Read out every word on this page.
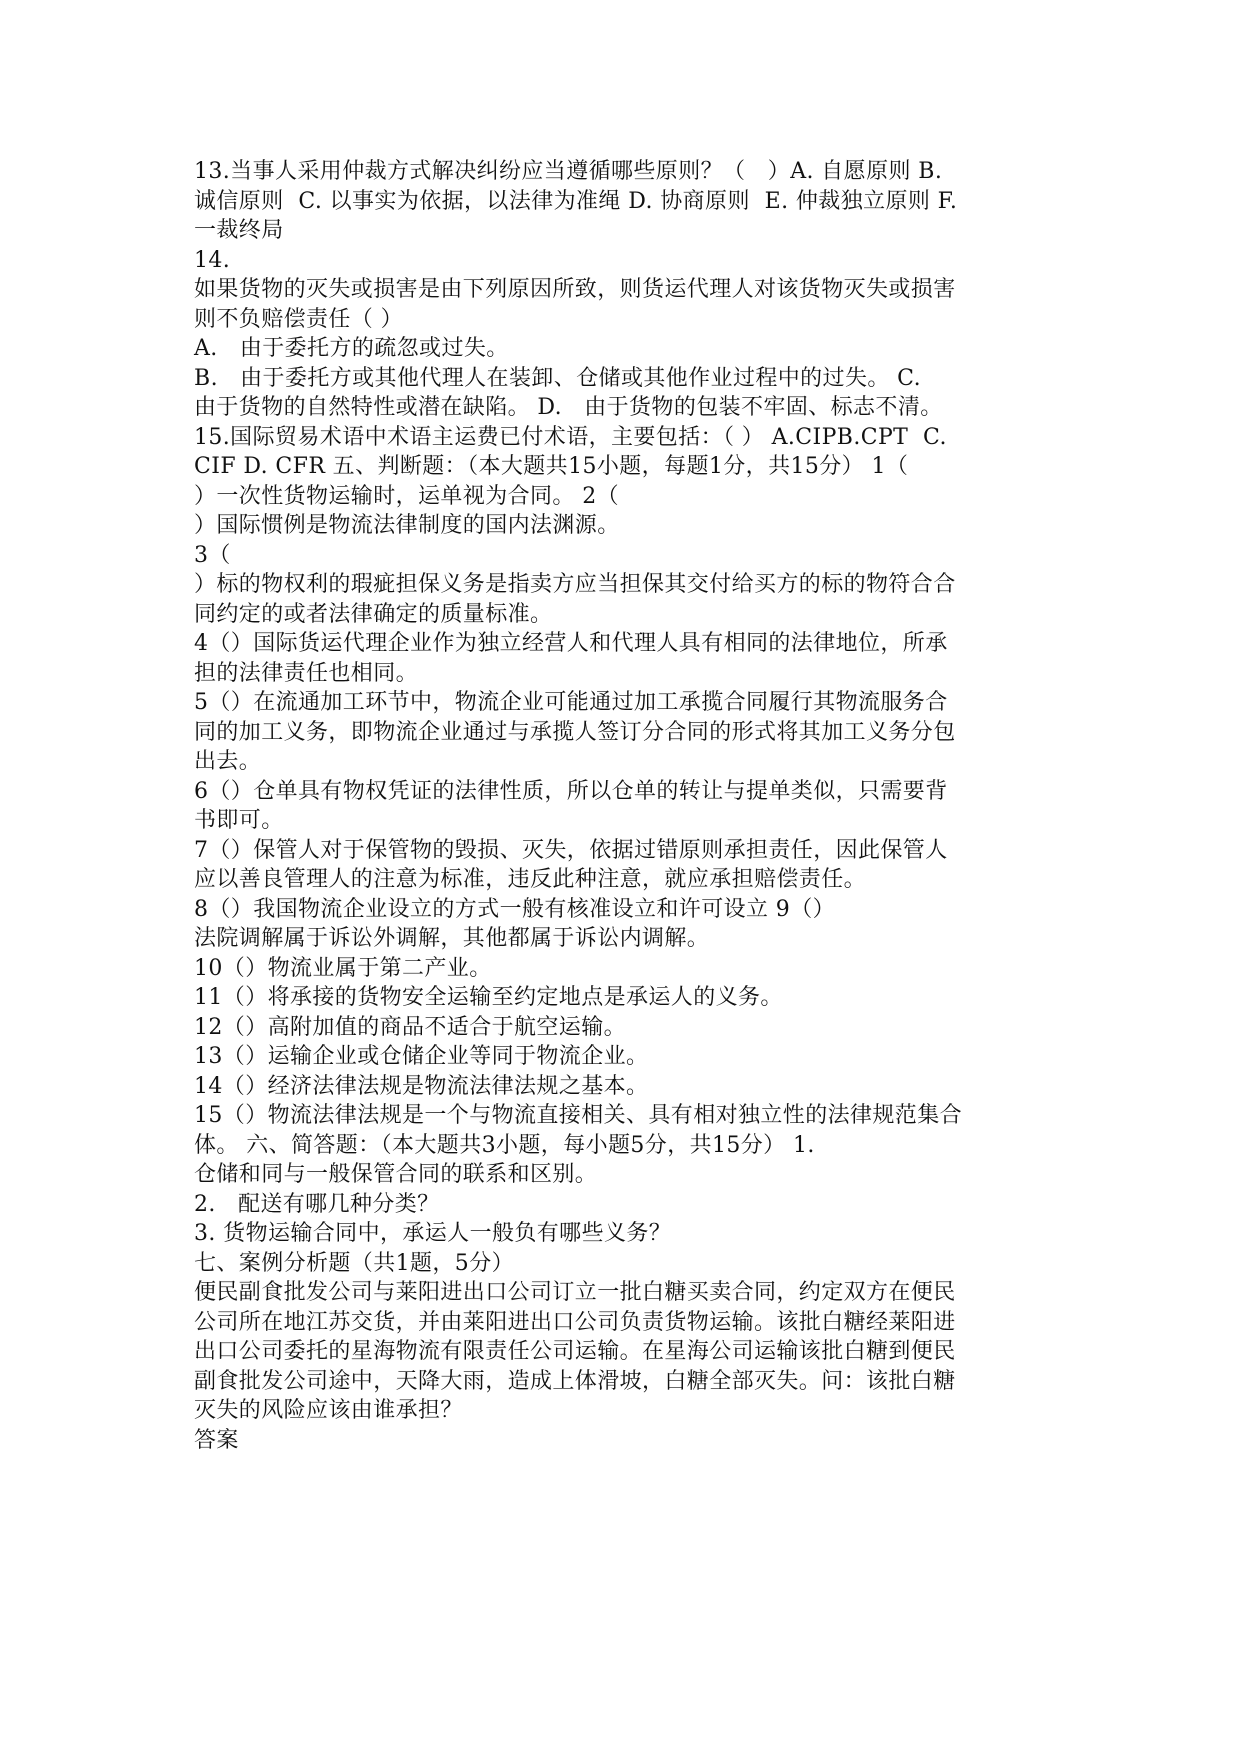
13.当事人采用仲裁方式解决纠纷应当遵循哪些原则？（　）A. 自愿原则 B.
诚信原则  C. 以事实为依据，以法律为准绳 D. 协商原则  E. 仲裁独立原则 F.
一裁终局
14.
如果货物的灭失或损害是由下列原因所致，则货运代理人对该货物灭失或损害
则不负赔偿责任（ ）
A.   由于委托方的疏忽或过失。
B.   由于委托方或其他代理人在装卸、仓储或其他作业过程中的过失。 C.
由于货物的自然特性或潜在缺陷。 D.   由于货物的包装不牢固、标志不清。
15.国际贸易术语中术语主运费已付术语，主要包括：（ ） A.CIPB.CPT  C.
CIF D. CFR 五、判断题：（本大题共15小题，每题1分，共15分） 1（
）一次性货物运输时，运单视为合同。 2（
）国际惯例是物流法律制度的国内法渊源。
3（
）标的物权利的瑕疵担保义务是指卖方应当担保其交付给买方的标的物符合合
同约定的或者法律确定的质量标准。
4（）国际货运代理企业作为独立经营人和代理人具有相同的法律地位，所承
担的法律责任也相同。
5（）在流通加工环节中，物流企业可能通过加工承揽合同履行其物流服务合
同的加工义务，即物流企业通过与承揽人签订分合同的形式将其加工义务分包
出去。
6（）仓单具有物权凭证的法律性质，所以仓单的转让与提单类似，只需要背
书即可。
7（）保管人对于保管物的毁损、灭失，依据过错原则承担责任，因此保管人
应以善良管理人的注意为标准，违反此种注意，就应承担赔偿责任。
8（）我国物流企业设立的方式一般有核准设立和许可设立 9（）
法院调解属于诉讼外调解，其他都属于诉讼内调解。
10（）物流业属于第二产业。
11（）将承接的货物安全运输至约定地点是承运人的义务。
12（）高附加值的商品不适合于航空运输。
13（）运输企业或仓储企业等同于物流企业。
14（）经济法律法规是物流法律法规之基本。
15（）物流法律法规是一个与物流直接相关、具有相对独立性的法律规范集合
体。 六、简答题：（本大题共3小题，每小题5分，共15分） 1.
仓储和同与一般保管合同的联系和区别。
2.   配送有哪几种分类？
3. 货物运输合同中，承运人一般负有哪些义务？
七、案例分析题（共1题，5分）
便民副食批发公司与莱阳进出口公司订立一批白糖买卖合同，约定双方在便民
公司所在地江苏交货，并由莱阳进出口公司负责货物运输。该批白糖经莱阳进
出口公司委托的星海物流有限责任公司运输。在星海公司运输该批白糖到便民
副食批发公司途中，天降大雨，造成上体滑坡，白糖全部灭失。问：该批白糖
灭失的风险应该由谁承担？
答案
